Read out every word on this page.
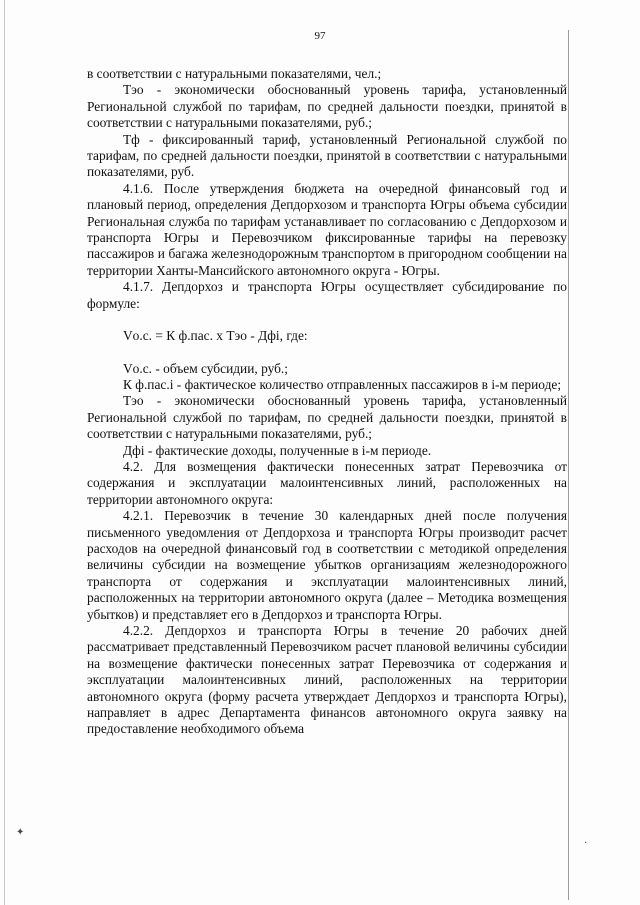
97

в соответствии с натуральными показателями, чел.;

Тэо - экономически обоснованный уровень тарифа, установленный Региональной службой по тарифам, по средней дальности поездки, принятой в соответствии с натуральными показателями, руб.;

Тф - фиксированный тариф, установленный Региональной службой по тарифам, по средней дальности поездки, принятой в соответствии с натуральными показателями, руб.

4.1.6. После утверждения бюджета на очередной финансовый год и плановый период, определения Депдорхозом и транспорта Югры объема субсидии Региональная служба по тарифам устанавливает по согласованию с Депдорхозом и транспорта Югры и Перевозчиком фиксированные тарифы на перевозку пассажиров и багажа железнодорожным транспортом в пригородном сообщении на территории Ханты-Мансийского автономного округа - Югры.

4.1.7. Депдорхоз и транспорта Югры осуществляет субсидирование по формуле:

Vо.с. = К ф.пас. х Тэо - Дфi, где:

Vо.с. - объем субсидии, руб.;

К ф.пас.i - фактическое количество отправленных пассажиров в i-м периоде;

Тэо - экономически обоснованный уровень тарифа, установленный Региональной службой по тарифам, по средней дальности поездки, принятой в соответствии с натуральными показателями, руб.;

Дфi - фактические доходы, полученные в i-м периоде.

4.2. Для возмещения фактически понесенных затрат Перевозчика от содержания и эксплуатации малоинтенсивных линий, расположенных на территории автономного округа:

4.2.1. Перевозчик в течение 30 календарных дней после получения письменного уведомления от Депдорхоза и транспорта Югры производит расчет расходов на очередной финансовый год в соответствии с методикой определения величины субсидии на возмещение убытков организациям железнодорожного транспорта от содержания и эксплуатации малоинтенсивных линий, расположенных на территории автономного округа (далее – Методика возмещения убытков) и представляет его в Депдорхоз и транспорта Югры.

4.2.2. Депдорхоз и транспорта Югры в течение 20 рабочих дней рассматривает представленный Перевозчиком расчет плановой величины субсидии на возмещение фактически понесенных затрат Перевозчика от содержания и эксплуатации малоинтенсивных линий, расположенных на территории автономного округа (форму расчета утверждает Депдорхоз и транспорта Югры), направляет в адрес Департамента финансов автономного округа заявку на предоставление необходимого объема

✦
·
